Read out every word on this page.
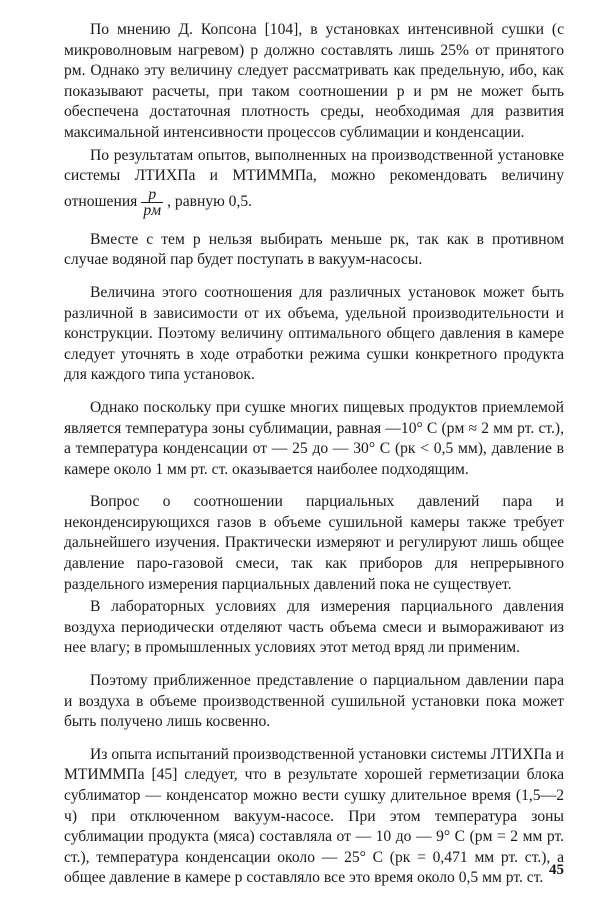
По мнению Д. Копсона [104], в установках интенсивной сушки (с микроволновым нагревом) p должно составлять лишь 25% от принятого pм. Однако эту величину следует рассматривать как предельную, ибо, как показывают расчеты, при таком соотношении p и pм не может быть обеспечена достаточная плотность среды, необходимая для развития максимальной интенсивности процессов сублимации и конденсации.

По результатам опытов, выполненных на производственной установке системы ЛТИХПа и МТИММПа, можно рекомендовать величину отношения $\frac{p}{pм}$ , равную 0,5.

Вместе с тем p нельзя выбирать меньше pк, так как в противном случае водяной пар будет поступать в вакуум-насосы.

Величина этого соотношения для различных установок может быть различной в зависимости от их объема, удельной производительности и конструкции. Поэтому величину оптимального общего давления в камере следует уточнять в ходе отработки режима сушки конкретного продукта для каждого типа установок.

Однако поскольку при сушке многих пищевых продуктов приемлемой является температура зоны сублимации, равная —10° С (pм ≈ 2 мм рт. ст.), а температура конденсации от — 25 до — 30° С (pк < 0,5 мм), давление в камере около 1 мм рт. ст. оказывается наиболее подходящим.

Вопрос о соотношении парциальных давлений пара и неконденсирующихся газов в объеме сушильной камеры также требует дальнейшего изучения. Практически измеряют и регулируют лишь общее давление паро-газовой смеси, так как приборов для непрерывного раздельного измерения парциальных давлений пока не существует.

В лабораторных условиях для измерения парциального давления воздуха периодически отделяют часть объема смеси и вымораживают из нее влагу; в промышленных условиях этот метод вряд ли применим.

Поэтому приближенное представление о парциальном давлении пара и воздуха в объеме производственной сушильной установки пока может быть получено лишь косвенно.

Из опыта испытаний производственной установки системы ЛТИХПа и МТИММПа [45] следует, что в результате хорошей герметизации блока сублиматор — конденсатор можно вести сушку длительное время (1,5—2 ч) при отключенном вакуум-насосе. При этом температура зоны сублимации продукта (мяса) составляла от — 10 до — 9° С (pм = 2 мм рт. ст.), температура конденсации около — 25° С (pк = 0,471 мм рт. ст.), а общее давление в камере p составляло все это время около 0,5 мм рт. ст. 45
